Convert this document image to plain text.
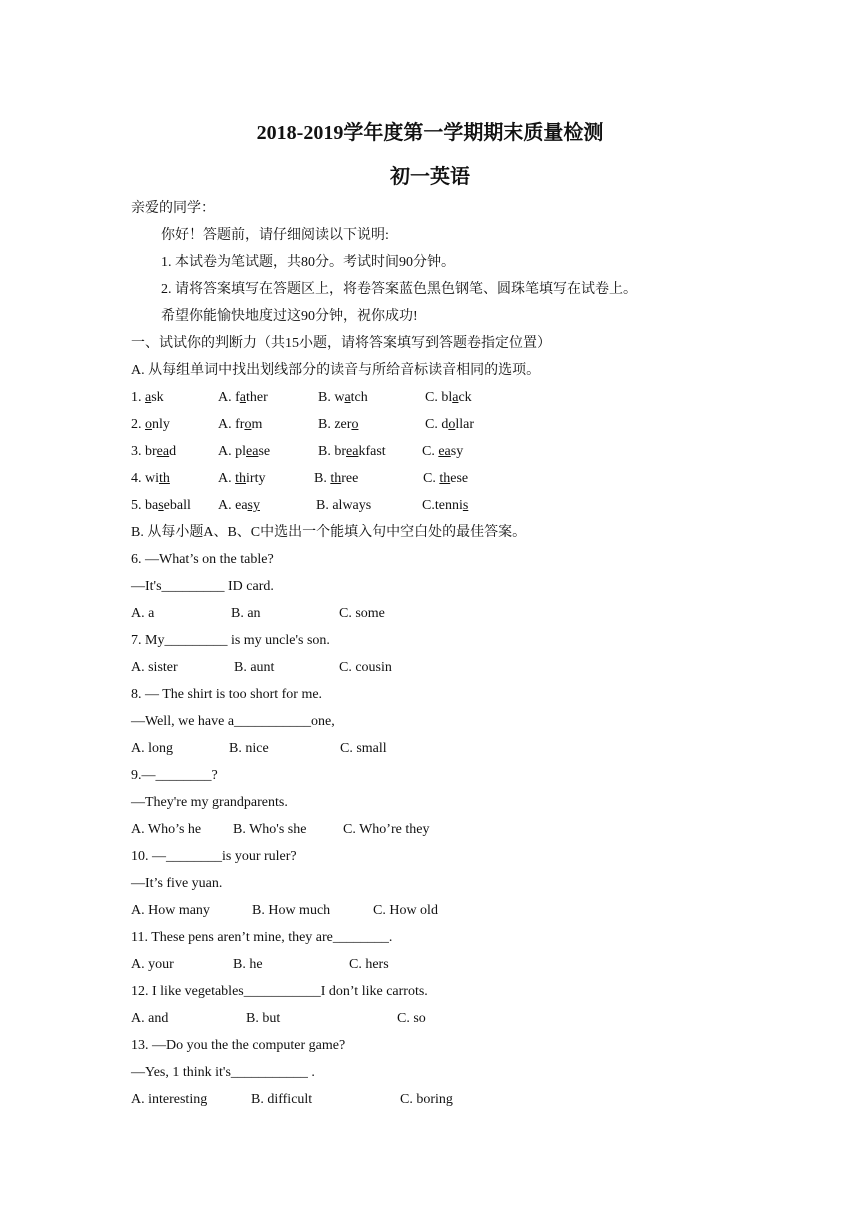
2018-2019学年度第一学期期末质量检测
初一英语
亲爱的同学：
你好！答题前，请仔细阅读以下说明:
1. 本试卷为笔试题，共80分。考试时间90分钟。
2. 请将答案填写在答题区上，将卷答案蓝色黑色钢笔、圆珠笔填写在试卷上。
希望你能愉快地度过这90分钟，祝你成功!
一、试试你的判断力（共15小题，请将答案填写到答题卷指定位置）
A. 从每组单词中找出划线部分的读音与所给音标读音相同的选项。
1. ask	A. father	B. watch	C. black
2. only	A. from	B. zero	C. dollar
3. bread	A. please	B. breakfast	C. easy
4. with	A. thirty	B. three	C. these
5. baseball A. easy	B. always	C.tennis
B. 从每小题A、B、C中选出一个能填入句中空白处的最佳答案。
6. —What’s on the table?
—It's_________ ID card.
A. a	B. an	C. some
7. My_________ is my uncle's son.
A. sister	B. aunt	C. cousin
8. — The shirt is too short for me.
—Well, we have a___________one,
A. long	B. nice	C. small
9.—________?
—They're my grandparents.
A. Who’s he B. Who's she	C. Who’re they
10. —________is your ruler?
—It’s five yuan.
A. How many	B. How much	C. How old
11. These pens aren’t mine, they are________.
A. your	B. he	C. hers
12. I like vegetables___________I don’t like carrots.
A. and	B. but	C. so
13. —Do you the the computer game?
—Yes, 1 think it's___________ .
A. interesting	B. difficult	C. boring
